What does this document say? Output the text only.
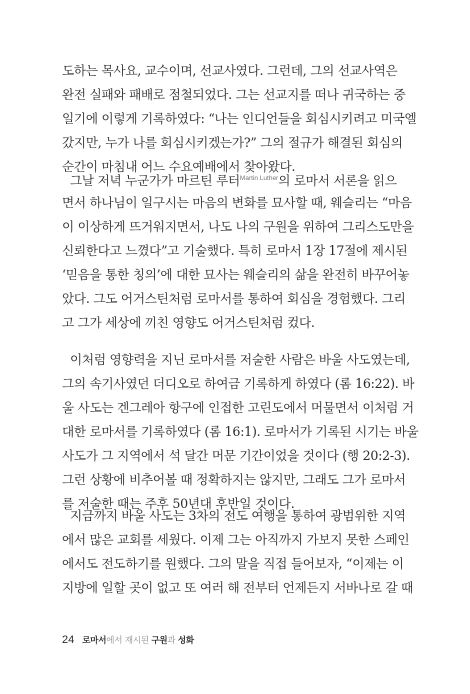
도하는 목사요, 교수이며, 선교사였다. 그런데, 그의 선교사역은
완전 실패와 패배로 점철되었다. 그는 선교지를 떠나 귀국하는 중
일기에 이렇게 기록하였다: “나는 인디언들을 회심시키려고 미국엘
갔지만, 누가 나를 회심시키겠는가?” 그의 절규가 해결된 회심의
순간이 마침내 어느 수요예배에서 찾아왔다.
그날 저녁 누군가가 마르틴 루터$^{Martin Luther}$의 로마서 서론을 읽으
면서 하나님이 일구시는 마음의 변화를 묘사할 때, 웨슬리는 “마음
이 이상하게 뜨거워지면서, 나도 나의 구원을 위하여 그리스도만을
신뢰한다고 느꼈다”고 기술했다. 특히 로마서 1장 17절에 제시된
‘믿음을 통한 칭의’에 대한 묘사는 웨슬리의 삶을 완전히 바꾸어놓
았다. 그도 어거스틴처럼 로마서를 통하여 회심을 경험했다. 그리
고 그가 세상에 끼친 영향도 어거스틴처럼 컸다.
이처럼 영향력을 지닌 로마서를 저술한 사람은 바울 사도였는데,
그의 속기사였던 더디오로 하여금 기록하게 하였다 (롬 16:22). 바
울 사도는 겐그레아 항구에 인접한 고린도에서 머물면서 이처럼 거
대한 로마서를 기록하였다 (롬 16:1). 로마서가 기록된 시기는 바울
사도가 그 지역에서 석 달간 머문 기간이었을 것이다 (행 20:2-3).
그런 상황에 비추어볼 때 정확하지는 않지만, 그래도 그가 로마서
를 저술한 때는 주후 50년대 후반일 것이다.
지금까지 바울 사도는 3차의 전도 여행을 통하여 광범위한 지역
에서 많은 교회를 세웠다. 이제 그는 아직까지 가보지 못한 스페인
에서도 전도하기를 원했다. 그의 말을 직접 들어보자, “이제는 이
지방에 일할 곳이 없고 또 여러 해 전부터 언제든지 서바나로 갈 때
24 로마서에서 재시된 구원과 성화
